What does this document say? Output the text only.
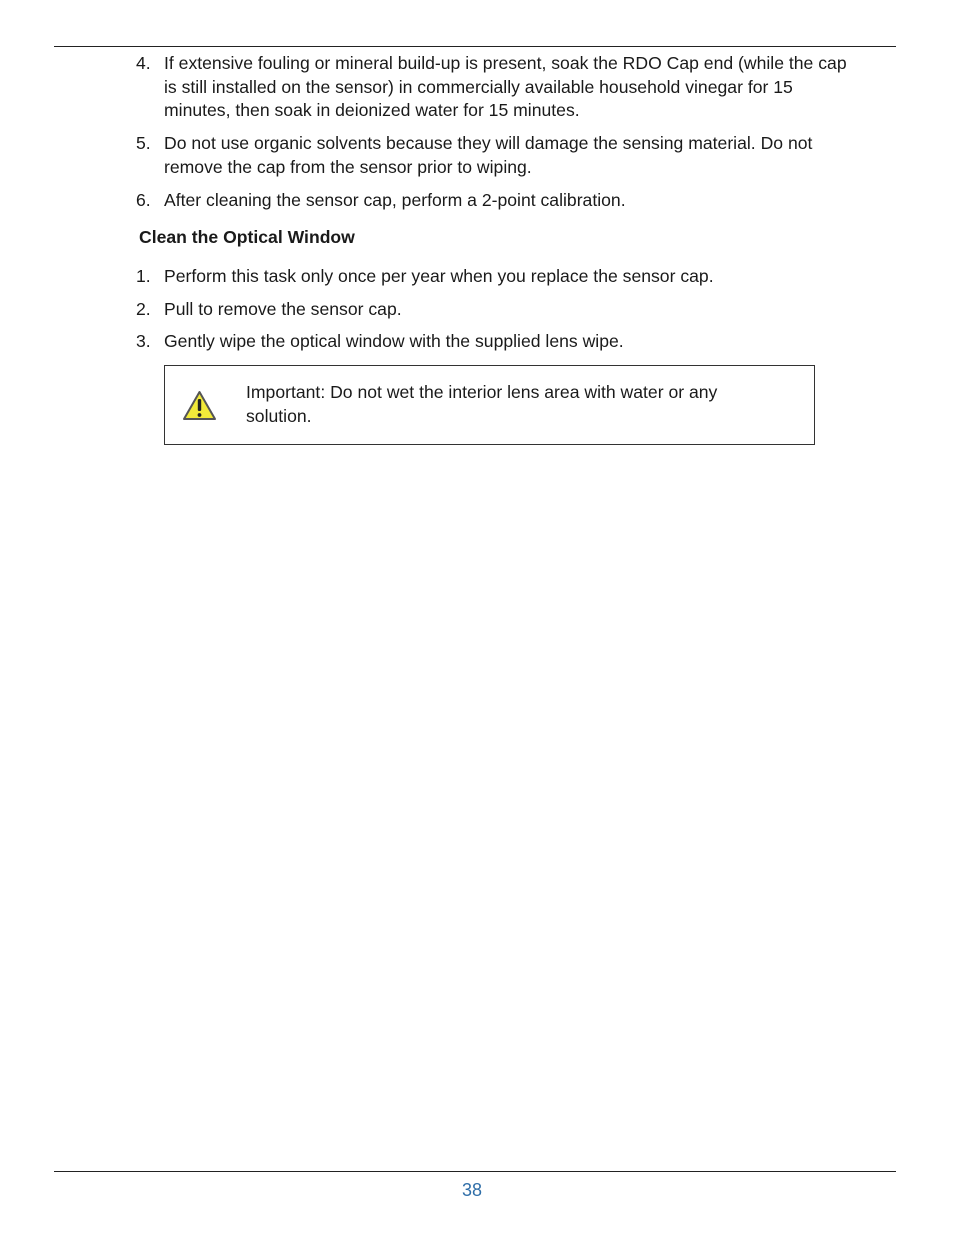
4. If extensive fouling or mineral build-up is present, soak the RDO Cap end (while the cap is still installed on the sensor) in commercially available household vinegar for 15 minutes, then soak in deionized water for 15 minutes.
5. Do not use organic solvents because they will damage the sensing material. Do not remove the cap from the sensor prior to wiping.
6. After cleaning the sensor cap, perform a 2-point calibration.
Clean the Optical Window
1. Perform this task only once per year when you replace the sensor cap.
2. Pull to remove the sensor cap.
3. Gently wipe the optical window with the supplied lens wipe.
Important: Do not wet the interior lens area with water or any solution.
38
